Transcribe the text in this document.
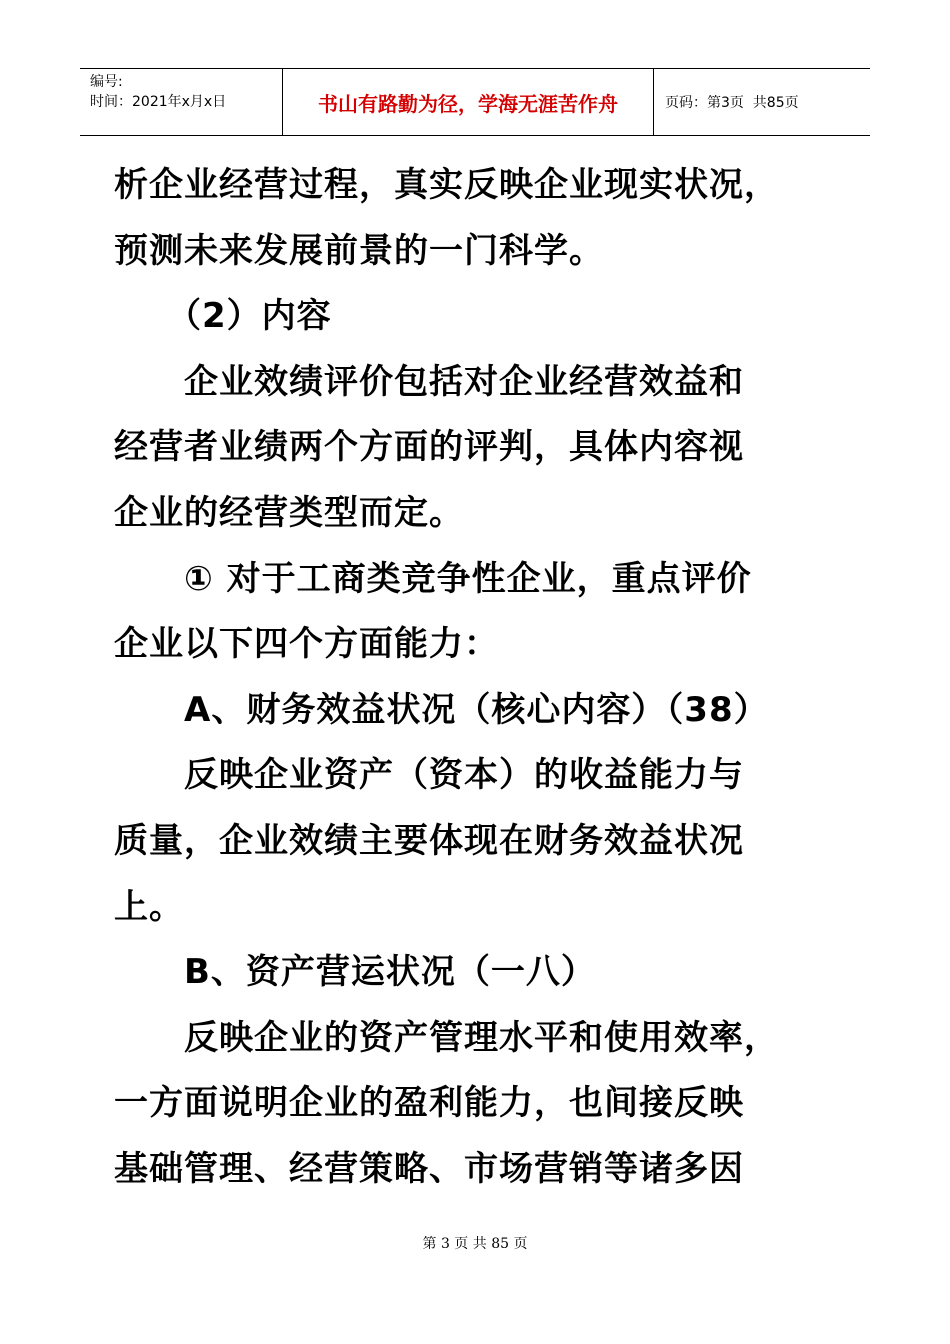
编号:
时间：2021年x月x日	书山有路勤为径，学海无涯苦作舟	页码：第3页  共85页

析企业经营过程，真实反映企业现实状况，

预测未来发展前景的一门科学。

　　（2）内容

　　企业效绩评价包括对企业经营效益和

经营者业绩两个方面的评判，具体内容视

企业的经营类型而定。

　　① 对于工商类竞争性企业，重点评价

企业以下四个方面能力：

　　A、财务效益状况（核心内容）（38）

　　反映企业资产（资本）的收益能力与

质量，企业效绩主要体现在财务效益状况

上。

　　B、资产营运状况（一八）

　　反映企业的资产管理水平和使用效率，

一方面说明企业的盈利能力，也间接反映

基础管理、经营策略、市场营销等诸多因

第 3 页 共 85 页
